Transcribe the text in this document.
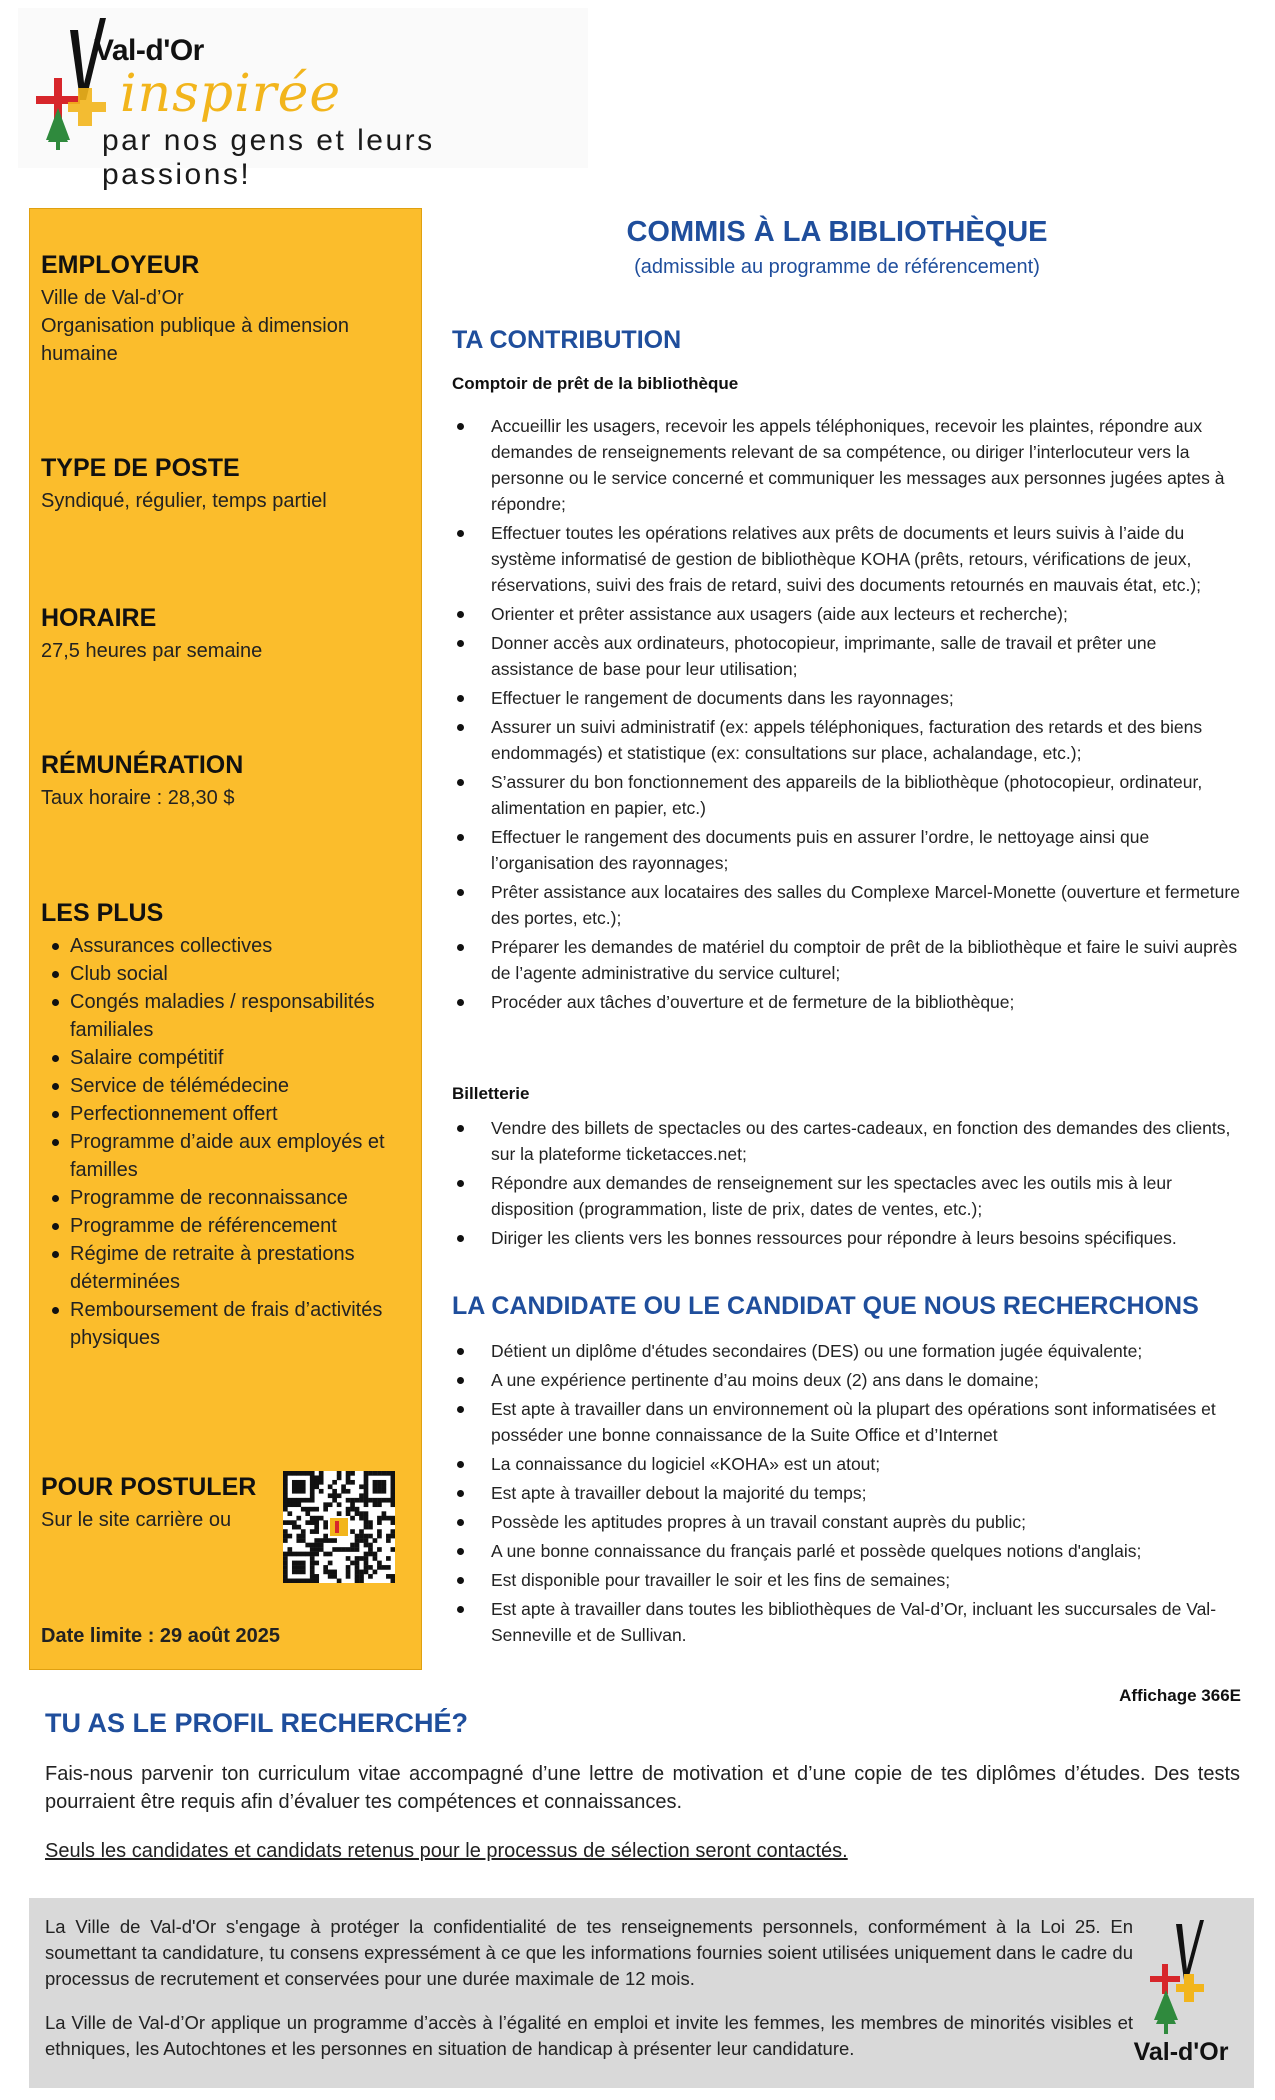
Val-d'Or
inspirée
par nos gens et leurs passions!
EMPLOYEUR

Ville de Val-d’Or

Organisation publique à dimension humaine

TYPE DE POSTE

Syndiqué, régulier, temps partiel

HORAIRE

27,5 heures par semaine

RÉMUNÉRATION

Taux horaire : 28,30 $

LES PLUS
Assurances collectives
Club social
Congés maladies / responsabilités familiales
Salaire compétitif
Service de télémédecine
Perfectionnement offert
Programme d’aide aux employés et familles
Programme de reconnaissance
Programme de référencement
Régime de retraite à prestations déterminées
Remboursement de frais d’activités physiques
POUR POSTULER

Sur le site carrière ou

Date limite : 29 août 2025
COMMIS À LA BIBLIOTHÈQUE
(admissible au programme de référencement)
TA CONTRIBUTION
Comptoir de prêt de la bibliothèque
Accueillir les usagers, recevoir les appels téléphoniques, recevoir les plaintes, répondre aux demandes de renseignements relevant de sa compétence, ou diriger l’interlocuteur vers la personne ou le service concerné et communiquer les messages aux personnes jugées aptes à répondre;
Effectuer toutes les opérations relatives aux prêts de documents et leurs suivis à l’aide du système informatisé de gestion de bibliothèque KOHA (prêts, retours, vérifications de jeux, réservations, suivi des frais de retard, suivi des documents retournés en mauvais état, etc.);
Orienter et prêter assistance aux usagers (aide aux lecteurs et recherche);
Donner accès aux ordinateurs, photocopieur, imprimante, salle de travail et prêter une assistance de base pour leur utilisation;
Effectuer le rangement de documents dans les rayonnages;
Assurer un suivi administratif (ex: appels téléphoniques, facturation des retards et des biens endommagés) et statistique (ex: consultations sur place, achalandage, etc.);
S’assurer du bon fonctionnement des appareils de la bibliothèque (photocopieur, ordinateur, alimentation en papier, etc.)
Effectuer le rangement des documents puis en assurer l’ordre, le nettoyage ainsi que l’organisation des rayonnages;
Prêter assistance aux locataires des salles du Complexe Marcel-Monette (ouverture et fermeture des portes, etc.);
Préparer les demandes de matériel du comptoir de prêt de la bibliothèque et faire le suivi auprès de l’agente administrative du service culturel;
Procéder aux tâches d’ouverture et de fermeture de la bibliothèque;
Billetterie
Vendre des billets de spectacles ou des cartes-cadeaux, en fonction des demandes des clients, sur la plateforme ticketacces.net;
Répondre aux demandes de renseignement sur les spectacles avec les outils mis à leur disposition (programmation, liste de prix, dates de ventes, etc.);
Diriger les clients vers les bonnes ressources pour répondre à leurs besoins spécifiques.
LA CANDIDATE OU LE CANDIDAT QUE NOUS RECHERCHONS
Détient un diplôme d'études secondaires (DES) ou une formation jugée équivalente;
A une expérience pertinente d’au moins deux (2) ans dans le domaine;
Est apte à travailler dans un environnement où la plupart des opérations sont informatisées et posséder une bonne connaissance de la Suite Office et d’Internet
La connaissance du logiciel «KOHA» est un atout;
Est apte à travailler debout la majorité du temps;
Possède les aptitudes propres à un travail constant auprès du public;
A une bonne connaissance du français parlé et possède quelques notions d'anglais;
Est disponible pour travailler le soir et les fins de semaines;
Est apte à travailler dans toutes les bibliothèques de Val-d’Or, incluant les succursales de Val-Senneville et de Sullivan.
Affichage 366E
TU AS LE PROFIL RECHERCHÉ?

Fais-nous parvenir ton curriculum vitae accompagné d’une lettre de motivation et d’une copie de tes diplômes d’études. Des tests pourraient être requis afin d’évaluer tes compétences et connaissances.

Seuls les candidates et candidats retenus pour le processus de sélection seront contactés.

La Ville de Val-d'Or s'engage à protéger la confidentialité de tes renseignements personnels, conformément à la Loi 25. En soumettant ta candidature, tu consens expressément à ce que les informations fournies soient utilisées uniquement dans le cadre du processus de recrutement et conservées pour une durée maximale de 12 mois.

La Ville de Val-d’Or applique un programme d’accès à l’égalité en emploi et invite les femmes, les membres de minorités visibles et ethniques, les Autochtones et les personnes en situation de handicap à présenter leur candidature.	Val-d'Or
